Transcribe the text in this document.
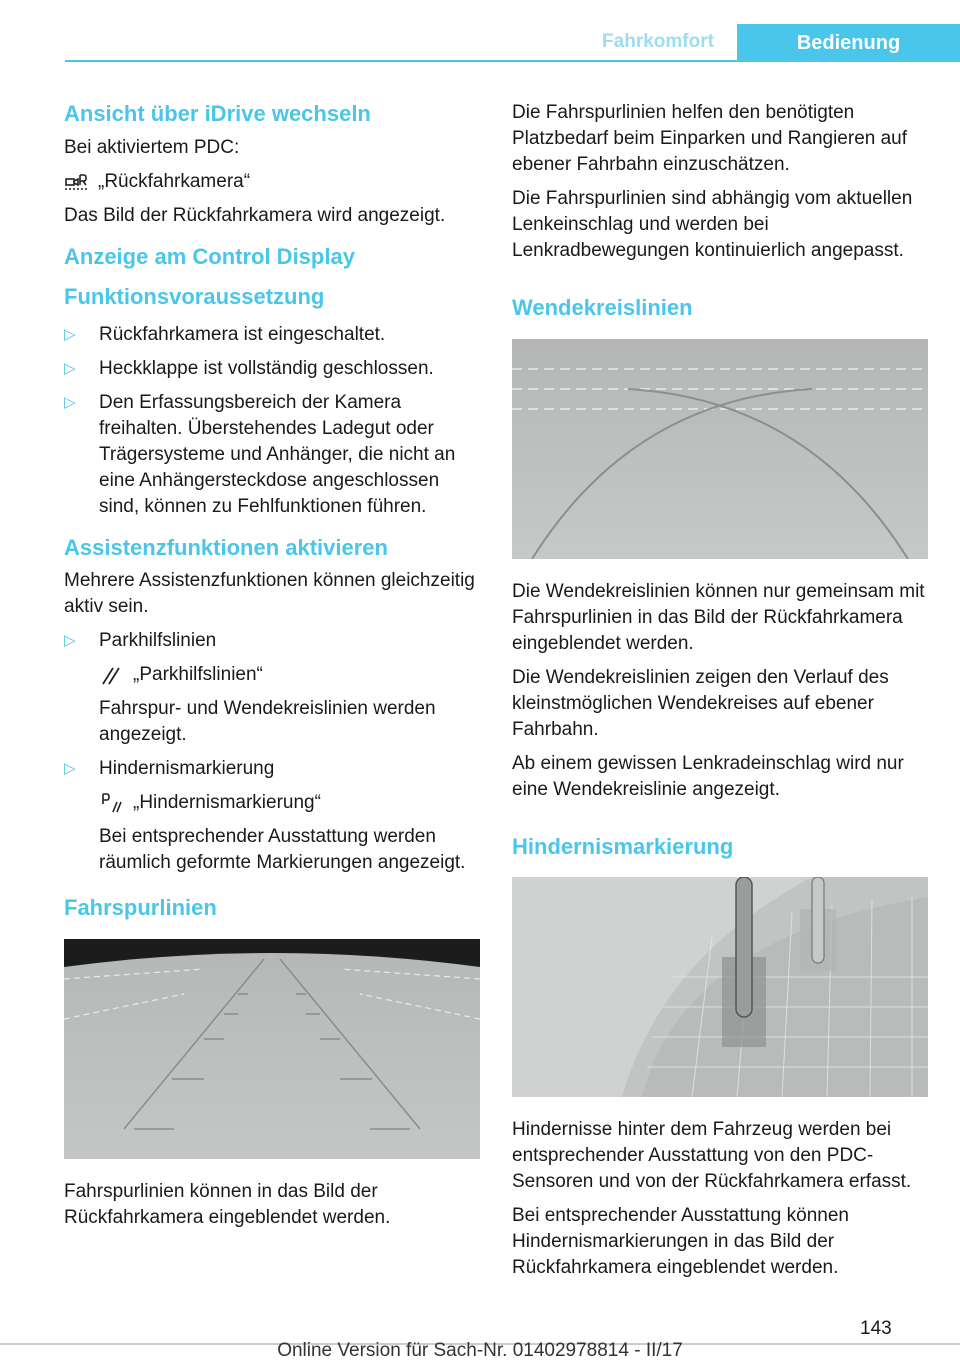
Fahrkomfort	Bedienung
Ansicht über iDrive wechseln

Bei aktiviertem PDC:

„Rückfahrkamera“

Das Bild der Rückfahrkamera wird angezeigt.

Anzeige am Control Display
Funktionsvoraussetzung
▷ Rückfahrkamera ist eingeschaltet.
▷ Heckklappe ist vollständig geschlossen.
▷ Den Erfassungsbereich der Kamera freihalten. Überstehendes Ladegut oder Trägersysteme und Anhänger, die nicht an eine Anhängersteckdose angeschlossen sind, können zu Fehlfunktionen führen.
Assistenzfunktionen aktivieren

Mehrere Assistenzfunktionen können gleichzeitig aktiv sein.

▷ Parkhilfslinien
„Parkhilfslinien“
Fahrspur- und Wendekreislinien werden angezeigt.
▷ Hindernismarkierung
„Hindernismarkierung“
Bei entsprechender Ausstattung werden räumlich geformte Markierungen angezeigt.
Fahrspurlinien

Fahrspurlinien können in das Bild der Rückfahrkamera eingeblendet werden.

Die Fahrspurlinien helfen den benötigten Platzbedarf beim Einparken und Rangieren auf ebener Fahrbahn einzuschätzen.

Die Fahrspurlinien sind abhängig vom aktuellen Lenkeinschlag und werden bei Lenkradbewegungen kontinuierlich angepasst.

Wendekreislinien

Die Wendekreislinien können nur gemeinsam mit Fahrspurlinien in das Bild der Rückfahrkamera eingeblendet werden.

Die Wendekreislinien zeigen den Verlauf des kleinstmöglichen Wendekreises auf ebener Fahrbahn.

Ab einem gewissen Lenkradeinschlag wird nur eine Wendekreislinie angezeigt.

Hindernismarkierung

Hindernisse hinter dem Fahrzeug werden bei entsprechender Ausstattung von den PDC-Sensoren und von der Rückfahrkamera erfasst.

Bei entsprechender Ausstattung können Hindernismarkierungen in das Bild der Rückfahrkamera eingeblendet werden.

143
Online Version für Sach-Nr. 01402978814 - II/17
